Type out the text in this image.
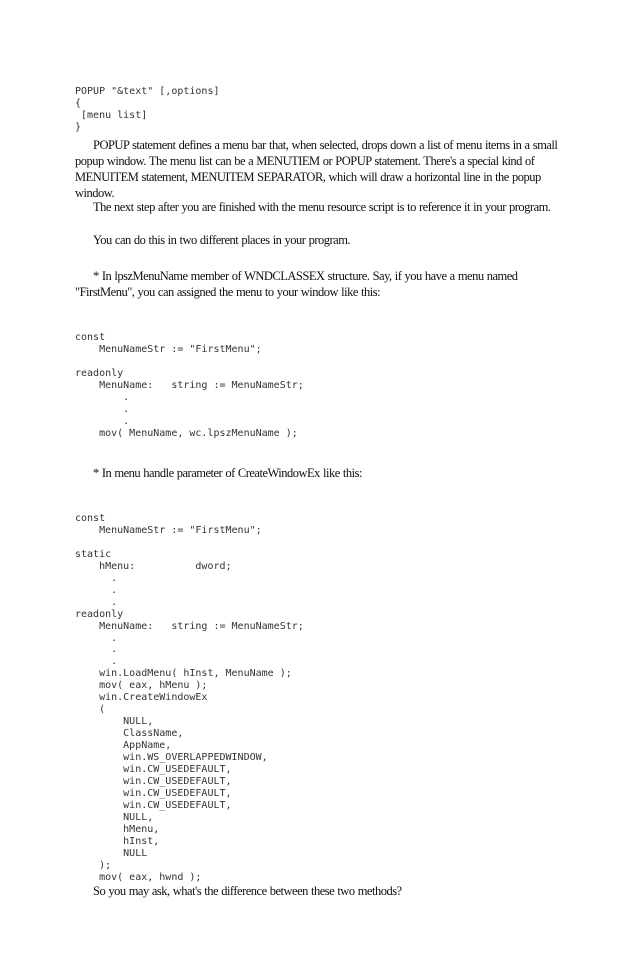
POPUP "&text" [,options]
{
[menu list]
}

POPUP statement defines a menu bar that, when selected, drops down a list of menu items in a small popup window. The menu list can be a MENUTIEM or POPUP statement. There's a special kind of MENUITEM statement, MENUITEM SEPARATOR, which will draw a horizontal line in the popup window.

The next step after you are finished with the menu resource script is to reference it in your program.

You can do this in two different places in your program.

* In lpszMenuName member of WNDCLASSEX structure. Say, if you have a menu named "FirstMenu", you can assigned the menu to your window like this:

const
MenuNameStr := "FirstMenu";

readonly
MenuName:   string := MenuNameStr;
.
.
.
mov( MenuName, wc.lpszMenuName );

* In menu handle parameter of CreateWindowEx like this:

const
MenuNameStr := "FirstMenu";

static
hMenu:          dword;
.
.
.
readonly
MenuName:   string := MenuNameStr;
.
.
.
win.LoadMenu( hInst, MenuName );
mov( eax, hMenu );
win.CreateWindowEx
(
NULL,
ClassName,
AppName,
win.WS_OVERLAPPEDWINDOW,
win.CW_USEDEFAULT,
win.CW_USEDEFAULT,
win.CW_USEDEFAULT,
win.CW_USEDEFAULT,
NULL,
hMenu,
hInst,
NULL
);
mov( eax, hwnd );

So you may ask, what's the difference between these two methods?
